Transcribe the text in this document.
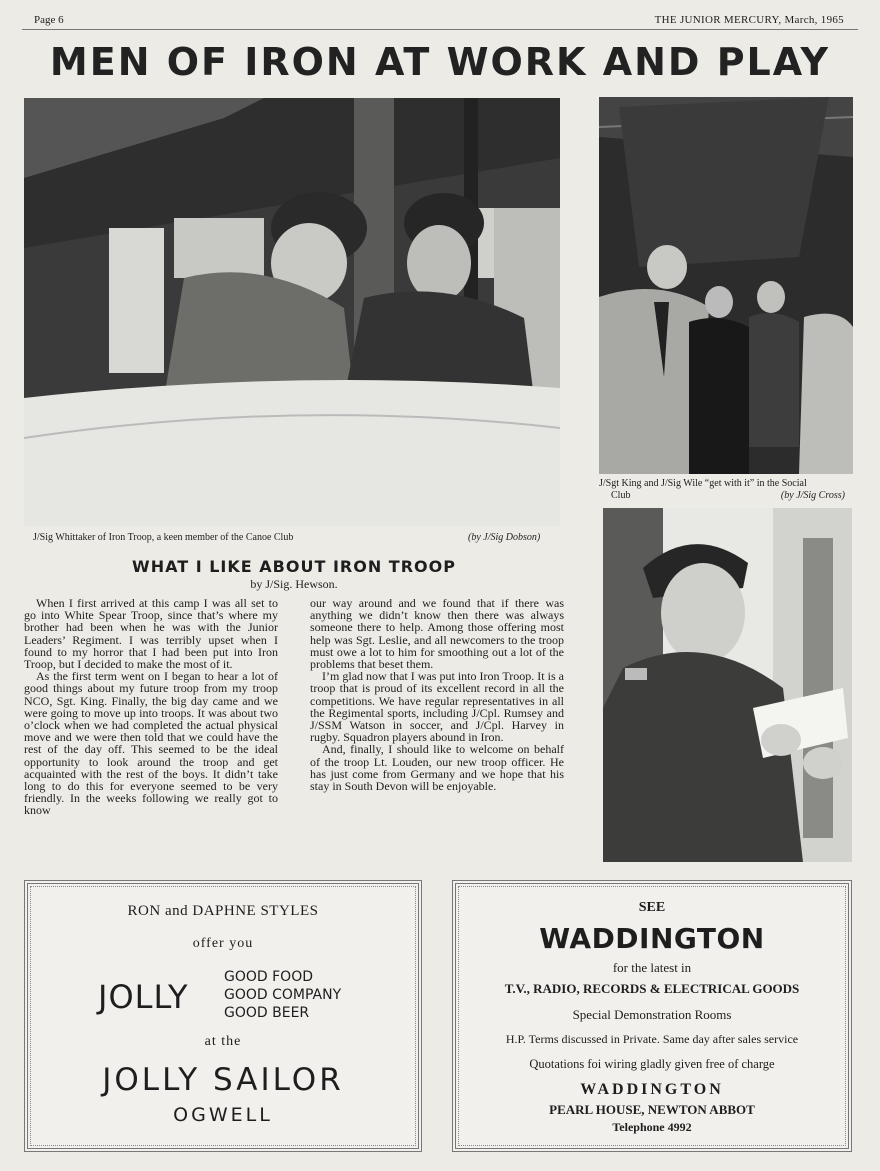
Page 6	THE JUNIOR MERCURY, March, 1965
MEN OF IRON AT WORK AND PLAY
J/Sig Whittaker of Iron Troop, a keen member of the Canoe Club	(by J/Sig Dobson)
J/Sgt King and J/Sig Wile “get with it” in the Social
Club	(by J/Sig Cross)
WHAT I LIKE ABOUT IRON TROOP
by J/Sig. Hewson.

When I first arrived at this camp I was all set to go into White Spear Troop, since that’s where my brother had been when he was with the Junior Leaders’ Regiment. I was terribly upset when I found to my horror that I had been put into Iron Troop, but I decided to make the most of it.

As the first term went on I began to hear a lot of good things about my future troop from my troop NCO, Sgt. King. Finally, the big day came and we were going to move up into troops. It was about two o’clock when we had completed the actual physical move and we were then told that we could have the rest of the day off. This seemed to be the ideal opportunity to look around the troop and get acquainted with the rest of the boys. It didn’t take long to do this for everyone seemed to be very friendly. In the weeks following we really got to know

our way around and we found that if there was anything we didn’t know then there was always someone there to help. Among those offering most help was Sgt. Leslie, and all newcomers to the troop must owe a lot to him for smoothing out a lot of the problems that beset them.

I’m glad now that I was put into Iron Troop. It is a troop that is proud of its excellent record in all the competitions. We have regular representatives in all the Regimental sports, including J/Cpl. Rumsey and J/SSM Watson in soccer, and J/Cpl. Harvey in rugby. Squadron players abound in Iron.

And, finally, I should like to welcome on behalf of the troop Lt. Louden, our new troop officer. He has just come from Germany and we hope that his stay in South Devon will be enjoyable.

RON and DAPHNE STYLES
offer you
JOLLY
GOOD FOOD
GOOD COMPANY
GOOD BEER
at the
JOLLY SAILOR
OGWELL
SEE
WADDINGTON
for the latest in
T.V., RADIO, RECORDS & ELECTRICAL GOODS
Special Demonstration Rooms
H.P. Terms discussed in Private. Same day after sales service
Quotations foi wiring gladly given free of charge
WADDINGTON
PEARL HOUSE, NEWTON ABBOT
Telephone 4992
